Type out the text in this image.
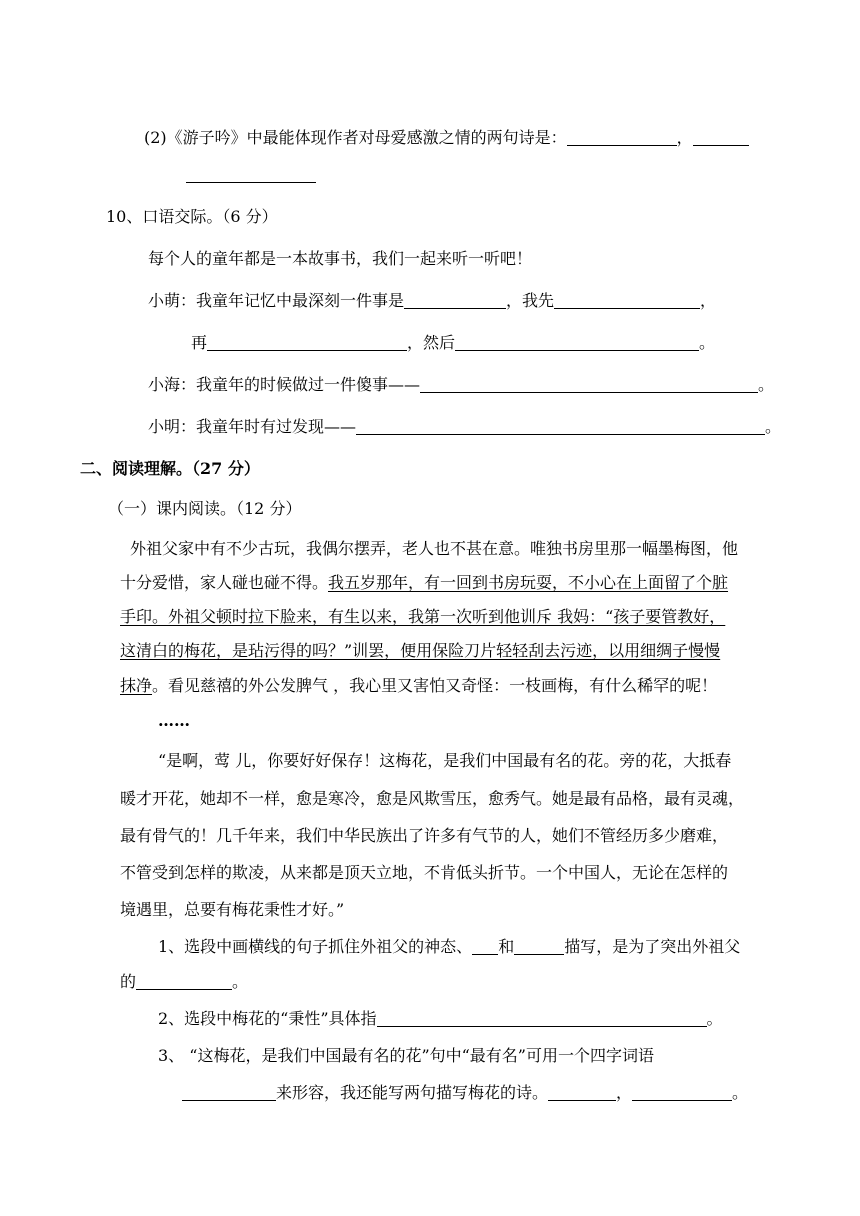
(2)《游子吟》中最能体现作者对母爱感激之情的两句诗是：	，
10、口语交际。（6 分）
每个人的童年都是一本故事书，我们一起来听一听吧！
小萌：我童年记忆中最深刻一件事是	，我先	，
再	，然后	。
小海：我童年的时候做过一件傻事——	。
小明：我童年时有过发现——	。
二、阅读理解。（27 分）
（一）课内阅读。（12 分）
外祖父家中有不少古玩，我偶尔摆弄，老人也不甚在意。唯独书房里那一幅墨梅图，他
十分爱惜，家人碰也碰不得。我五岁那年，有一回到书房玩耍，不小心在上面留了个脏
手印。外祖父顿时拉下脸来，有生以来，我第一次听到他训斥 我妈：“孩子要管教好，
这清白的梅花，是玷污得的吗？”训罢，便用保险刀片轻轻刮去污迹，以用细绸子慢慢
抹净。看见慈禧的外公发脾气 ，我心里又害怕又奇怪：一枝画梅，有什么稀罕的呢！
……
“是啊，莺 儿，你要好好保存！这梅花，是我们中国最有名的花。旁的花，大抵春
暖才开花，她却不一样，愈是寒冷，愈是风欺雪压，愈秀气。她是最有品格，最有灵魂，
最有骨气的！几千年来，我们中华民族出了许多有气节的人，她们不管经历多少磨难，
不管受到怎样的欺凌，从来都是顶天立地，不肯低头折节。一个中国人，无论在怎样的
境遇里，总要有梅花秉性才好。”
1、选段中画横线的句子抓住外祖父的神态、 和	描写，是为了突出外祖父
的	。
2、选段中梅花的“秉性”具体指	。
3、 “这梅花，是我们中国最有名的花”句中“最有名”可用一个四字词语
来形容，我还能写两句描写梅花的诗。	，	。
